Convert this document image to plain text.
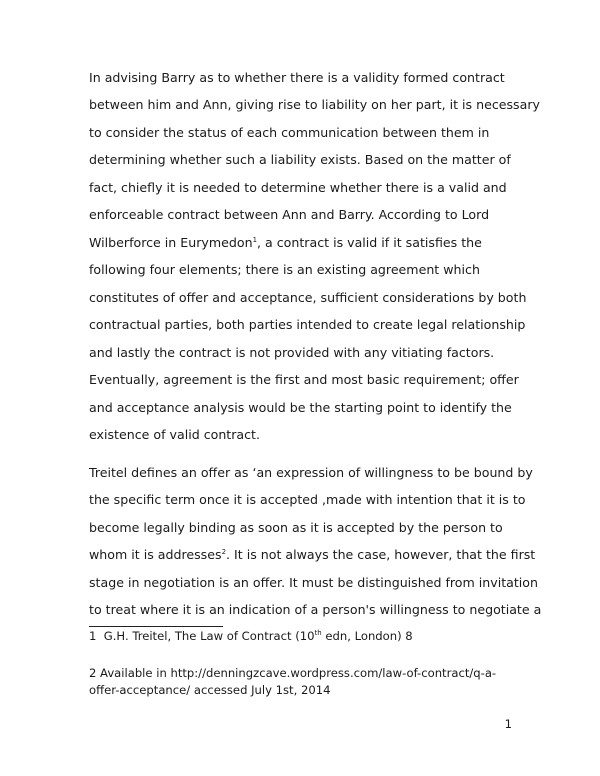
In advising Barry as to whether there is a validity formed contract
between him and Ann, giving rise to liability on her part, it is necessary
to consider the status of each communication between them in
determining whether such a liability exists. Based on the matter of
fact, chiefly it is needed to determine whether there is a valid and
enforceable contract between Ann and Barry. According to Lord
Wilberforce in Eurymedon$^1$, a contract is valid if it satisfies the
following four elements; there is an existing agreement which
constitutes of offer and acceptance, sufficient considerations by both
contractual parties, both parties intended to create legal relationship
and lastly the contract is not provided with any vitiating factors.
Eventually, agreement is the first and most basic requirement; offer
and acceptance analysis would be the starting point to identify the
existence of valid contract.
Treitel defines an offer as ‘an expression of willingness to be bound by
the specific term once it is accepted ,made with intention that it is to
become legally binding as soon as it is accepted by the person to
whom it is addresses$^2$. It is not always the case, however, that the first
stage in negotiation is an offer. It must be distinguished from invitation
to treat where it is an indication of a person's willingness to negotiate a
1 G.H. Treitel, The Law of Contract (10th edn, London) 8
2 Available in http://denningzcave.wordpress.com/law-of-contract/q-a-
offer-acceptance/ accessed July 1st, 2014
1
